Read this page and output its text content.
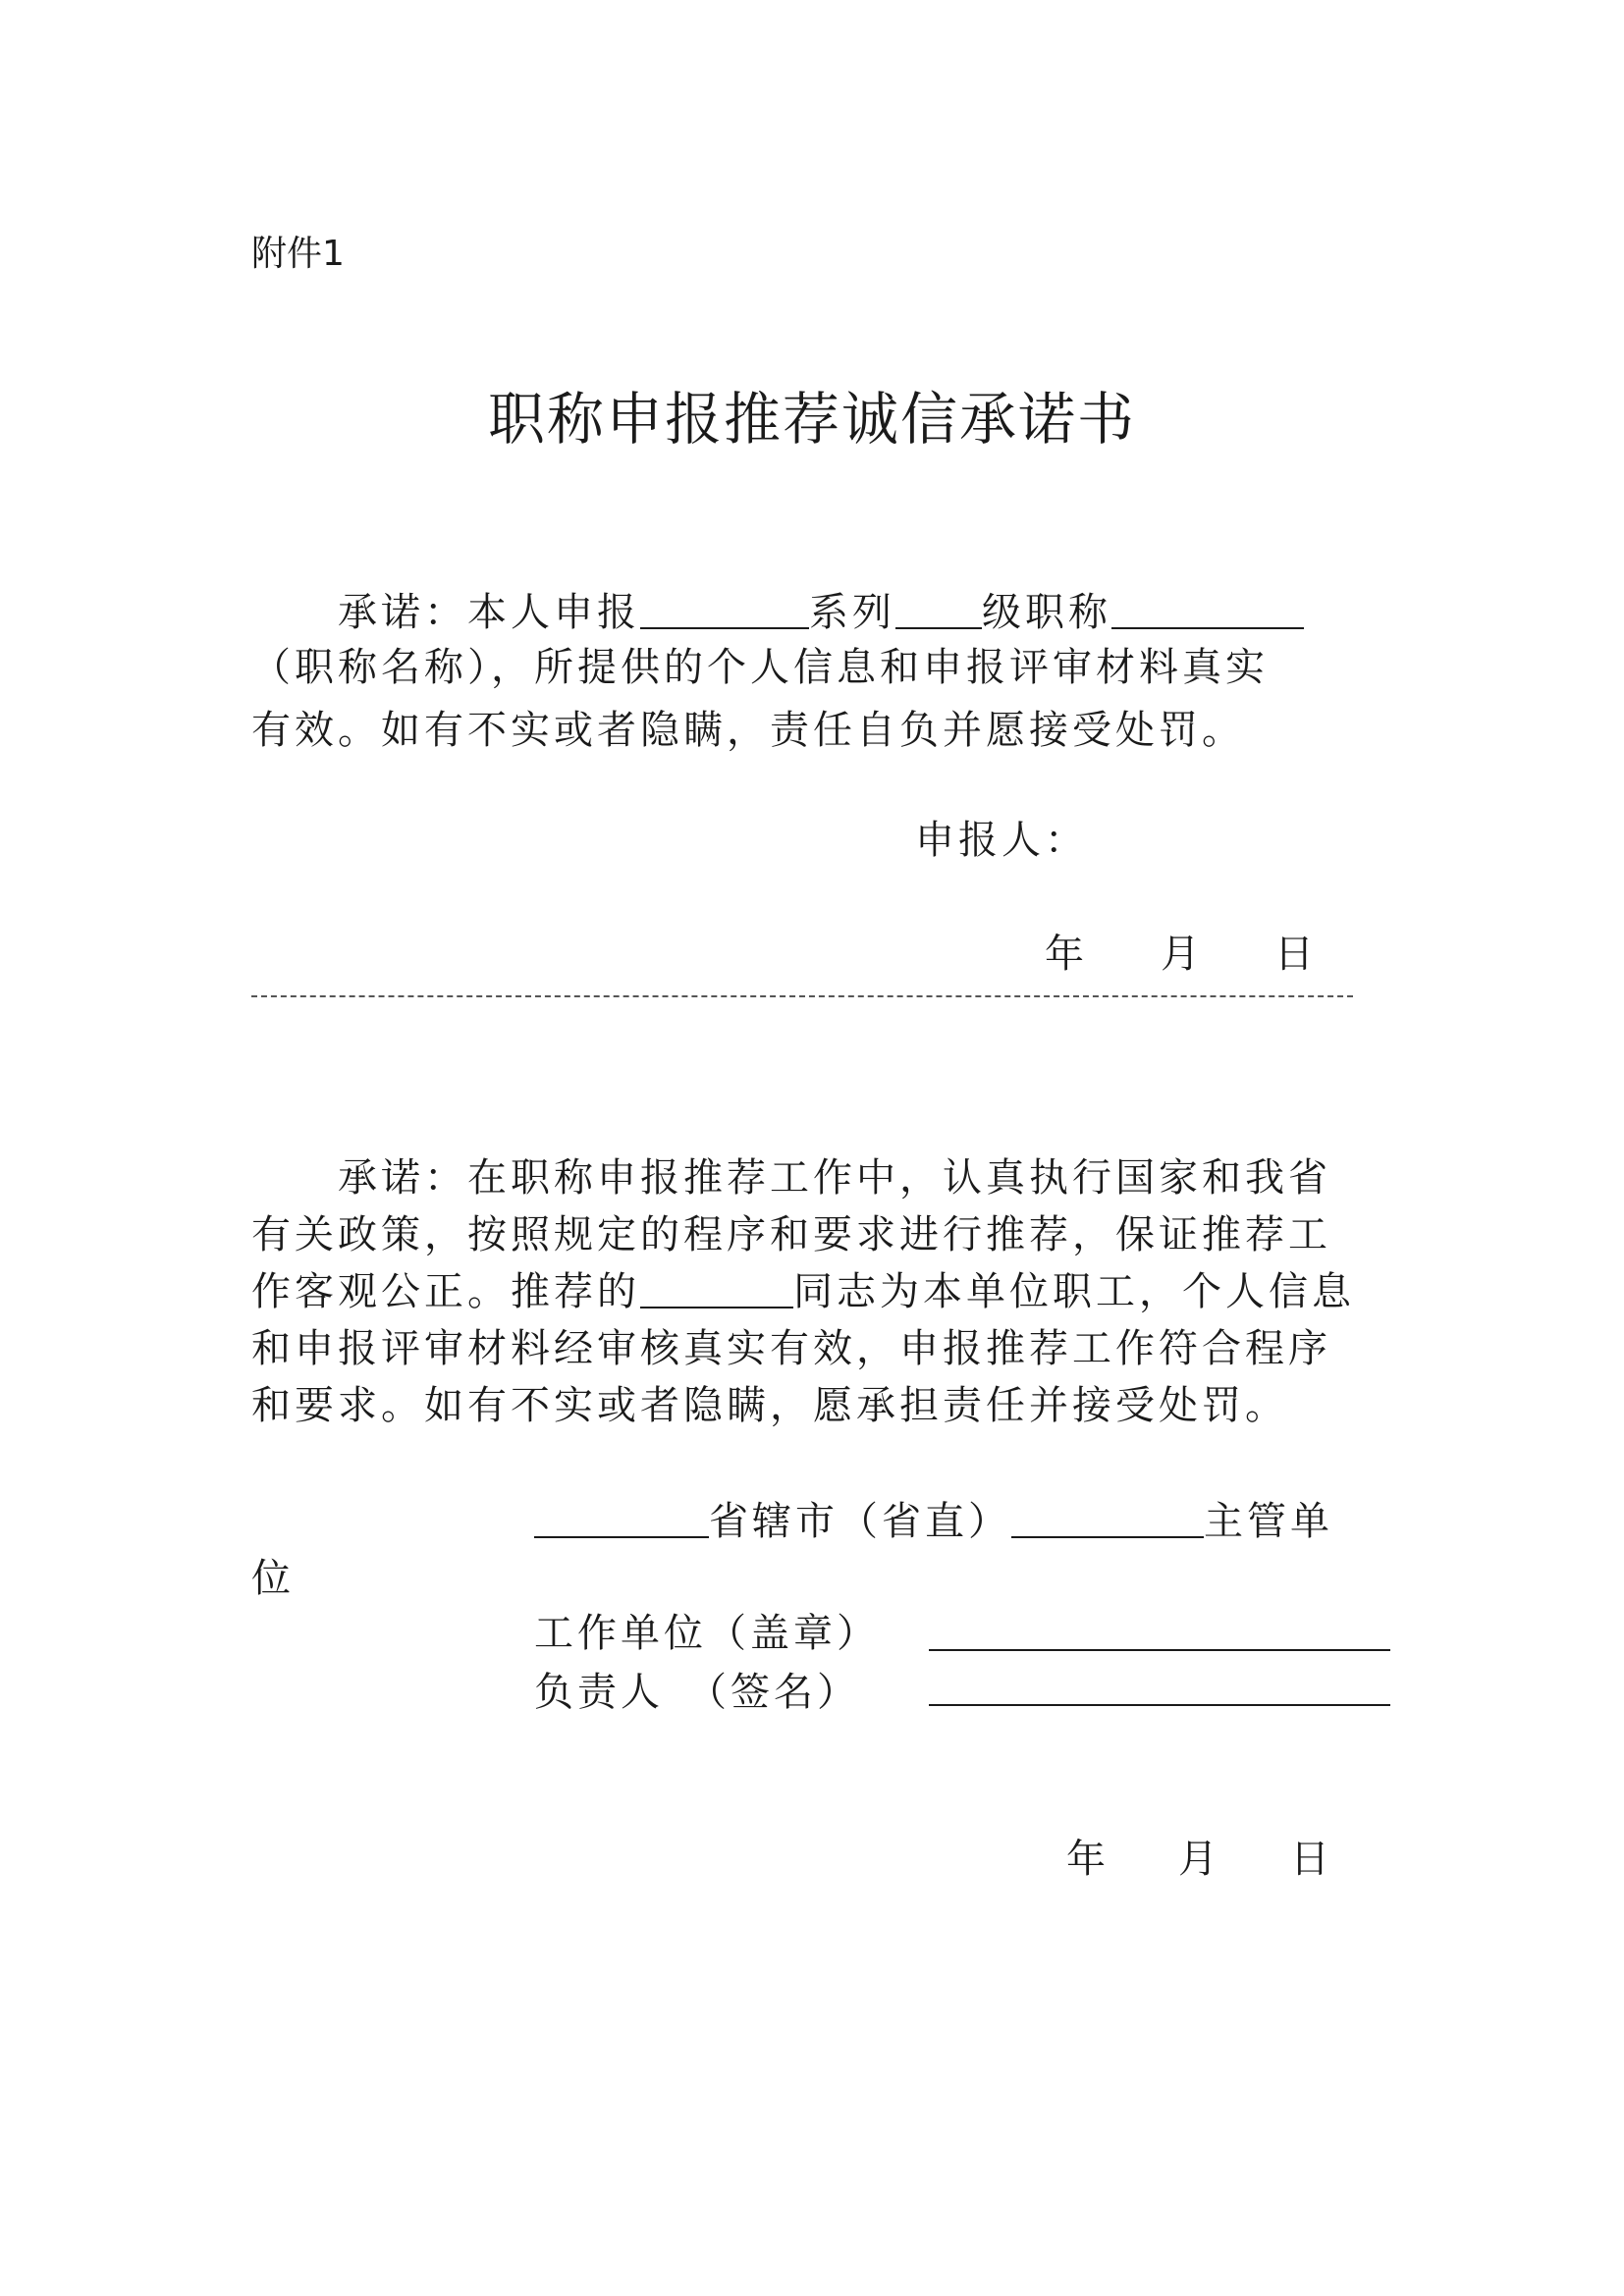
附件1
职称申报推荐诚信承诺书
承诺：本人申报	系列 级职称
（职称名称），所提供的个人信息和申报评审材料真实
有效。如有不实或者隐瞒，责任自负并愿接受处罚。
申报人：
年 月 日
承诺：在职称申报推荐工作中，认真执行国家和我省
有关政策，按照规定的程序和要求进行推荐，保证推荐工
作客观公正。推荐的	同志为本单位职工，个人信息
和申报评审材料经审核真实有效，申报推荐工作符合程序
和要求。如有不实或者隐瞒，愿承担责任并接受处罚。
省辖市（省直）	主管单
位
工作单位（盖章）
负责人　（签名）
年 月 日
